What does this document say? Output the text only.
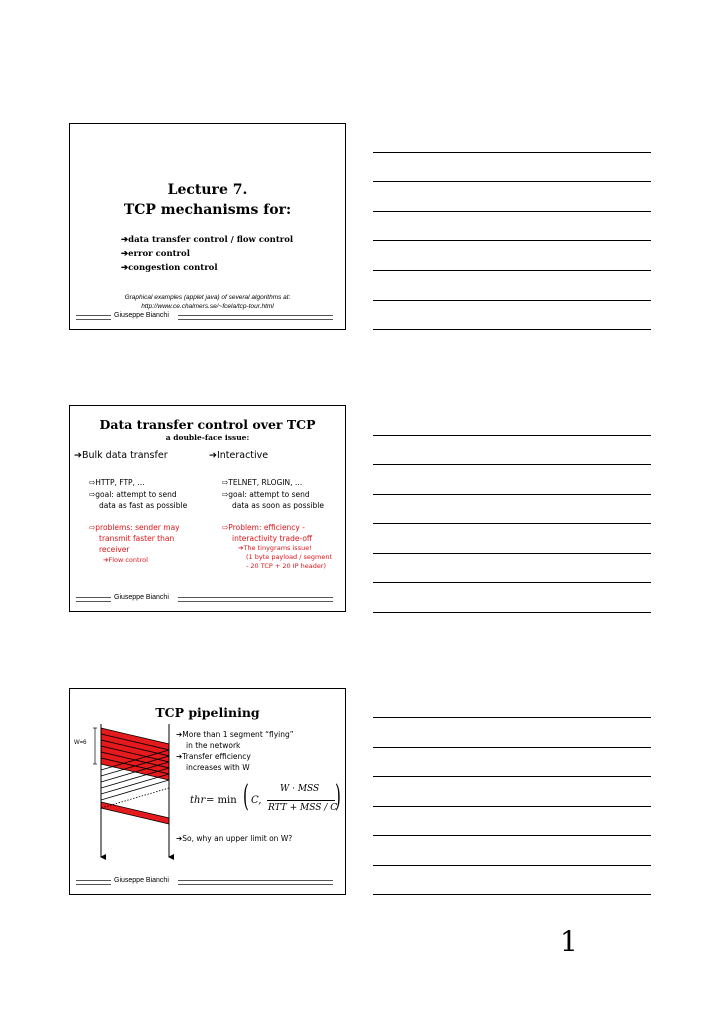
Lecture 7.
TCP mechanisms for:
➔data transfer control / flow control
➔error control
➔congestion control
Graphical examples (applet java) of several algorithms at:
http://www.ce.chalmers.se/~fcela/tcp-tour.html
Giuseppe Bianchi
Data transfer control over TCP
a double-face issue:
➔Bulk data transfer	➔Interactive
⇨HTTP, FTP, …
⇨goal: attempt to send
data as fast as possible
⇨problems: sender may
transmit faster than
receiver
➔Flow control
⇨TELNET, RLOGIN, …
⇨goal: attempt to send
data as soon as possible
⇨Problem: efficiency -
interactivity trade-off
➔The tinygrams issue!
(1 byte payload / segment
- 20 TCP + 20 IP header)
Giuseppe Bianchi
TCP pipelining
W=6
➔More than 1 segment “flying”
in the network
➔Transfer efficiency
increases with W
thr = min ( C,
W · MSS
RTT + MSS / C
)
➔So, why an upper limit on W?
Giuseppe Bianchi
1
